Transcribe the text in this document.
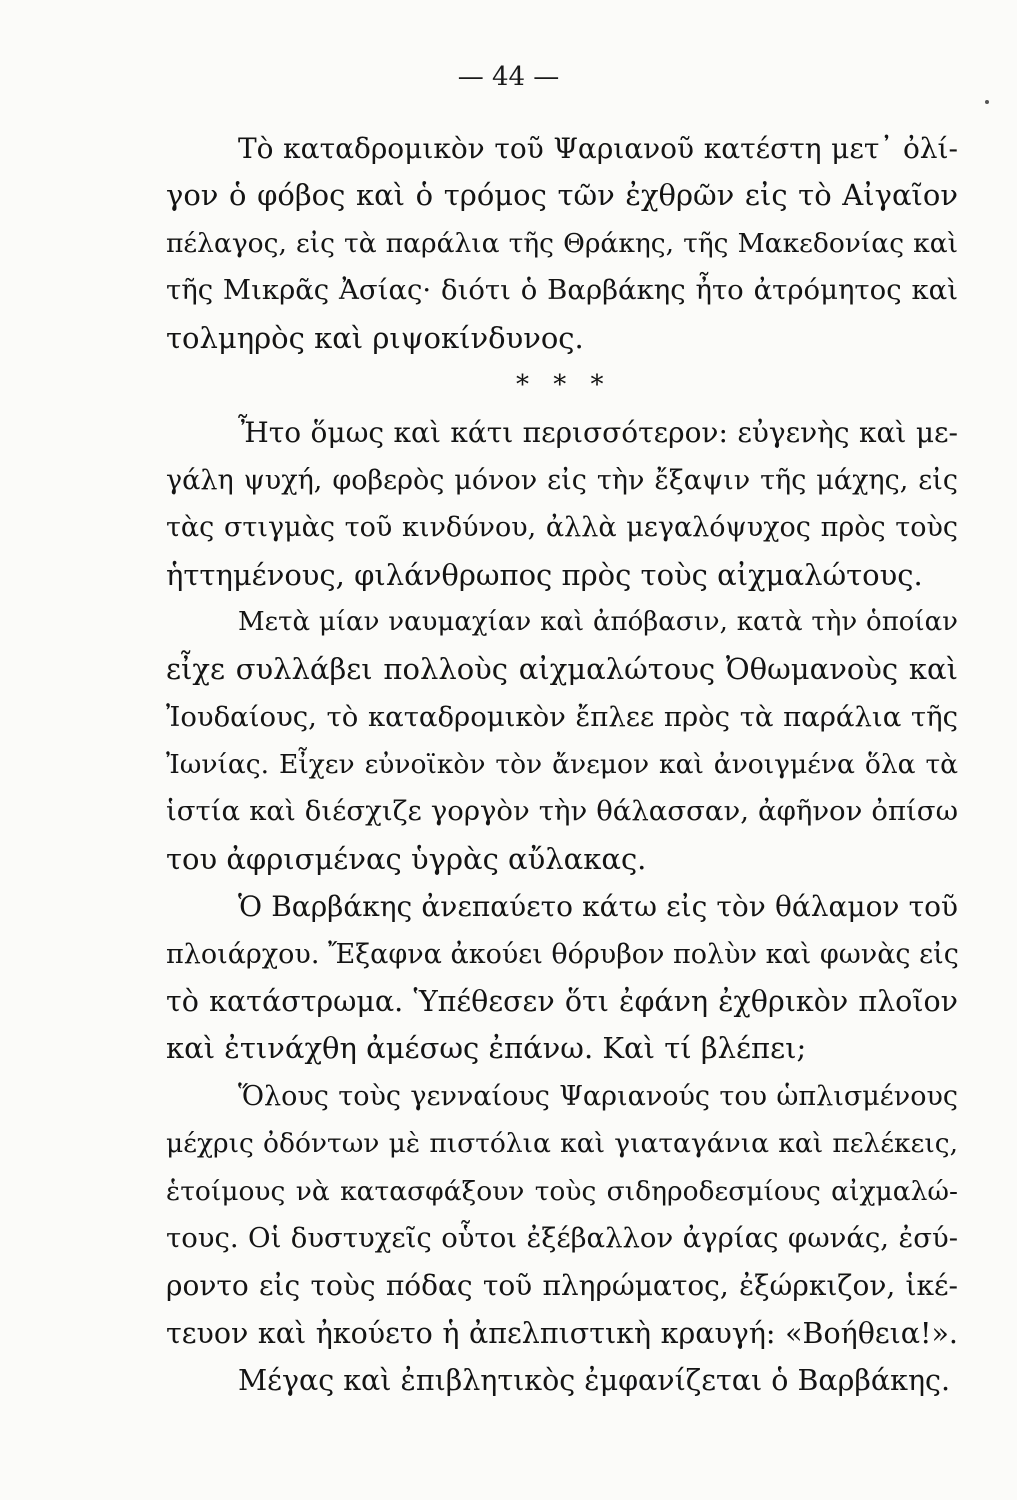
— 44 —
Τὸ καταδρομικὸν τοῦ Ψαριανοῦ κατέστη μετ᾽ ὀλί-
γον ὁ φόβος καὶ ὁ τρόμος τῶν ἐχθρῶν εἰς τὸ Αἰγαῖον
πέλαγος, εἰς τὰ παράλια τῆς Θράκης, τῆς Μακεδονίας καὶ
τῆς Μικρᾶς Ἀσίας· διότι ὁ Βαρβάκης ἦτο ἀτρόμητος καὶ
τολμηρὸς καὶ ριψοκίνδυνος.
* * *
Ἦτο ὅμως καὶ κάτι περισσότερον: εὐγενὴς καὶ με-
γάλη ψυχή, φοβερὸς μόνον εἰς τὴν ἔξαψιν τῆς μάχης, εἰς
τὰς στιγμὰς τοῦ κινδύνου, ἀλλὰ μεγαλόψυχος πρὸς τοὺς
ἡττημένους, φιλάνθρωπος πρὸς τοὺς αἰχμαλώτους.
Μετὰ μίαν ναυμαχίαν καὶ ἀπόβασιν, κατὰ τὴν ὁποίαν
εἶχε συλλάβει πολλοὺς αἰχμαλώτους Ὀθωμανοὺς καὶ
Ἰουδαίους, τὸ καταδρομικὸν ἔπλεε πρὸς τὰ παράλια τῆς
Ἰωνίας. Εἶχεν εὐνοϊκὸν τὸν ἄνεμον καὶ ἀνοιγμένα ὅλα τὰ
ἱστία καὶ διέσχιζε γοργὸν τὴν θάλασσαν, ἀφῆνον ὀπίσω
του ἀφρισμένας ὑγρὰς αὔλακας.
Ὁ Βαρβάκης ἀνεπαύετο κάτω εἰς τὸν θάλαμον τοῦ
πλοιάρχου. Ἔξαφνα ἀκούει θόρυβον πολὺν καὶ φωνὰς εἰς
τὸ κατάστρωμα. Ὑπέθεσεν ὅτι ἐφάνη ἐχθρικὸν πλοῖον
καὶ ἐτινάχθη ἀμέσως ἐπάνω. Καὶ τί βλέπει;
Ὅλους τοὺς γενναίους Ψαριανούς του ὡπλισμένους
μέχρις ὀδόντων μὲ πιστόλια καὶ γιαταγάνια καὶ πελέκεις,
ἑτοίμους νὰ κατασφάξουν τοὺς σιδηροδεσμίους αἰχμαλώ-
τους. Οἱ δυστυχεῖς οὗτοι ἐξέβαλλον ἀγρίας φωνάς, ἐσύ-
ροντο εἰς τοὺς πόδας τοῦ πληρώματος, ἐξώρκιζον, ἱκέ-
τευον καὶ ἠκούετο ἡ ἀπελπιστικὴ κραυγή: «Βοήθεια!».
Μέγας καὶ ἐπιβλητικὸς ἐμφανίζεται ὁ Βαρβάκης.
